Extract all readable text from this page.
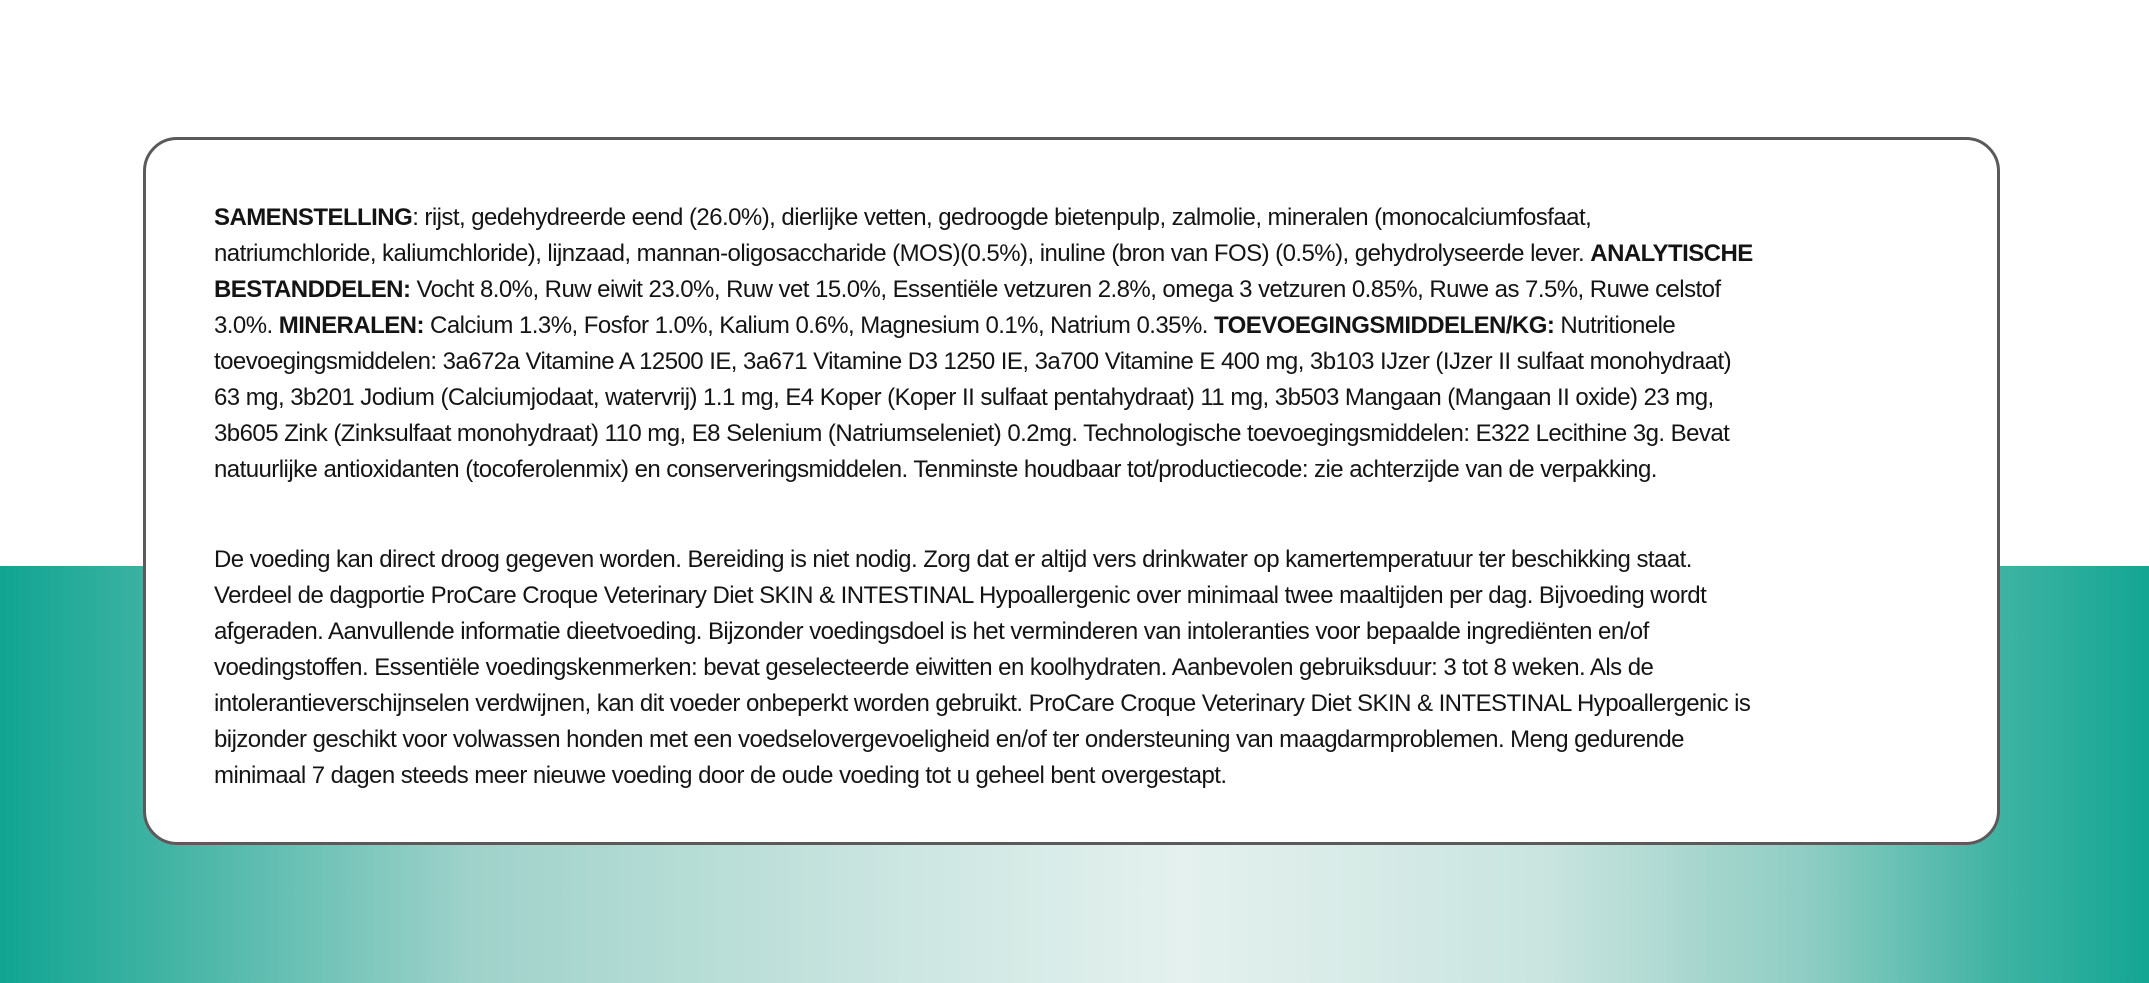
SAMENSTELLING: rijst, gedehydreerde eend (26.0%), dierlijke vetten, gedroogde bietenpulp, zalmolie, mineralen (monocalciumfosfaat,
natriumchloride, kaliumchloride), lijnzaad, mannan-oligosaccharide (MOS)(0.5%), inuline (bron van FOS) (0.5%), gehydrolyseerde lever. ANALYTISCHE
BESTANDDELEN: Vocht 8.0%, Ruw eiwit 23.0%, Ruw vet 15.0%, Essentiële vetzuren 2.8%, omega 3 vetzuren 0.85%, Ruwe as 7.5%, Ruwe celstof
3.0%. MINERALEN: Calcium 1.3%, Fosfor 1.0%, Kalium 0.6%, Magnesium 0.1%, Natrium 0.35%. TOEVOEGINGSMIDDELEN/KG: Nutritionele
toevoegingsmiddelen: 3a672a Vitamine A 12500 IE, 3a671 Vitamine D3 1250 IE, 3a700 Vitamine E 400 mg, 3b103 IJzer (IJzer II sulfaat monohydraat)
63 mg, 3b201 Jodium (Calciumjodaat, watervrij) 1.1 mg, E4 Koper (Koper II sulfaat pentahydraat) 11 mg, 3b503 Mangaan (Mangaan II oxide) 23 mg,
3b605 Zink (Zinksulfaat monohydraat) 110 mg, E8 Selenium (Natriumseleniet) 0.2mg. Technologische toevoegingsmiddelen: E322 Lecithine 3g. Bevat
natuurlijke antioxidanten (tocoferolenmix) en conserveringsmiddelen. Tenminste houdbaar tot/productiecode: zie achterzijde van de verpakking.

De voeding kan direct droog gegeven worden. Bereiding is niet nodig. Zorg dat er altijd vers drinkwater op kamertemperatuur ter beschikking staat.
Verdeel de dagportie ProCare Croque Veterinary Diet SKIN & INTESTINAL Hypoallergenic over minimaal twee maaltijden per dag. Bijvoeding wordt
afgeraden. Aanvullende informatie dieetvoeding. Bijzonder voedingsdoel is het verminderen van intoleranties voor bepaalde ingrediënten en/of
voedingstoffen. Essentiële voedingskenmerken: bevat geselecteerde eiwitten en koolhydraten. Aanbevolen gebruiksduur: 3 tot 8 weken. Als de
intolerantieverschijnselen verdwijnen, kan dit voeder onbeperkt worden gebruikt. ProCare Croque Veterinary Diet SKIN & INTESTINAL Hypoallergenic is
bijzonder geschikt voor volwassen honden met een voedselovergevoeligheid en/of ter ondersteuning van maagdarmproblemen. Meng gedurende
minimaal 7 dagen steeds meer nieuwe voeding door de oude voeding tot u geheel bent overgestapt.
